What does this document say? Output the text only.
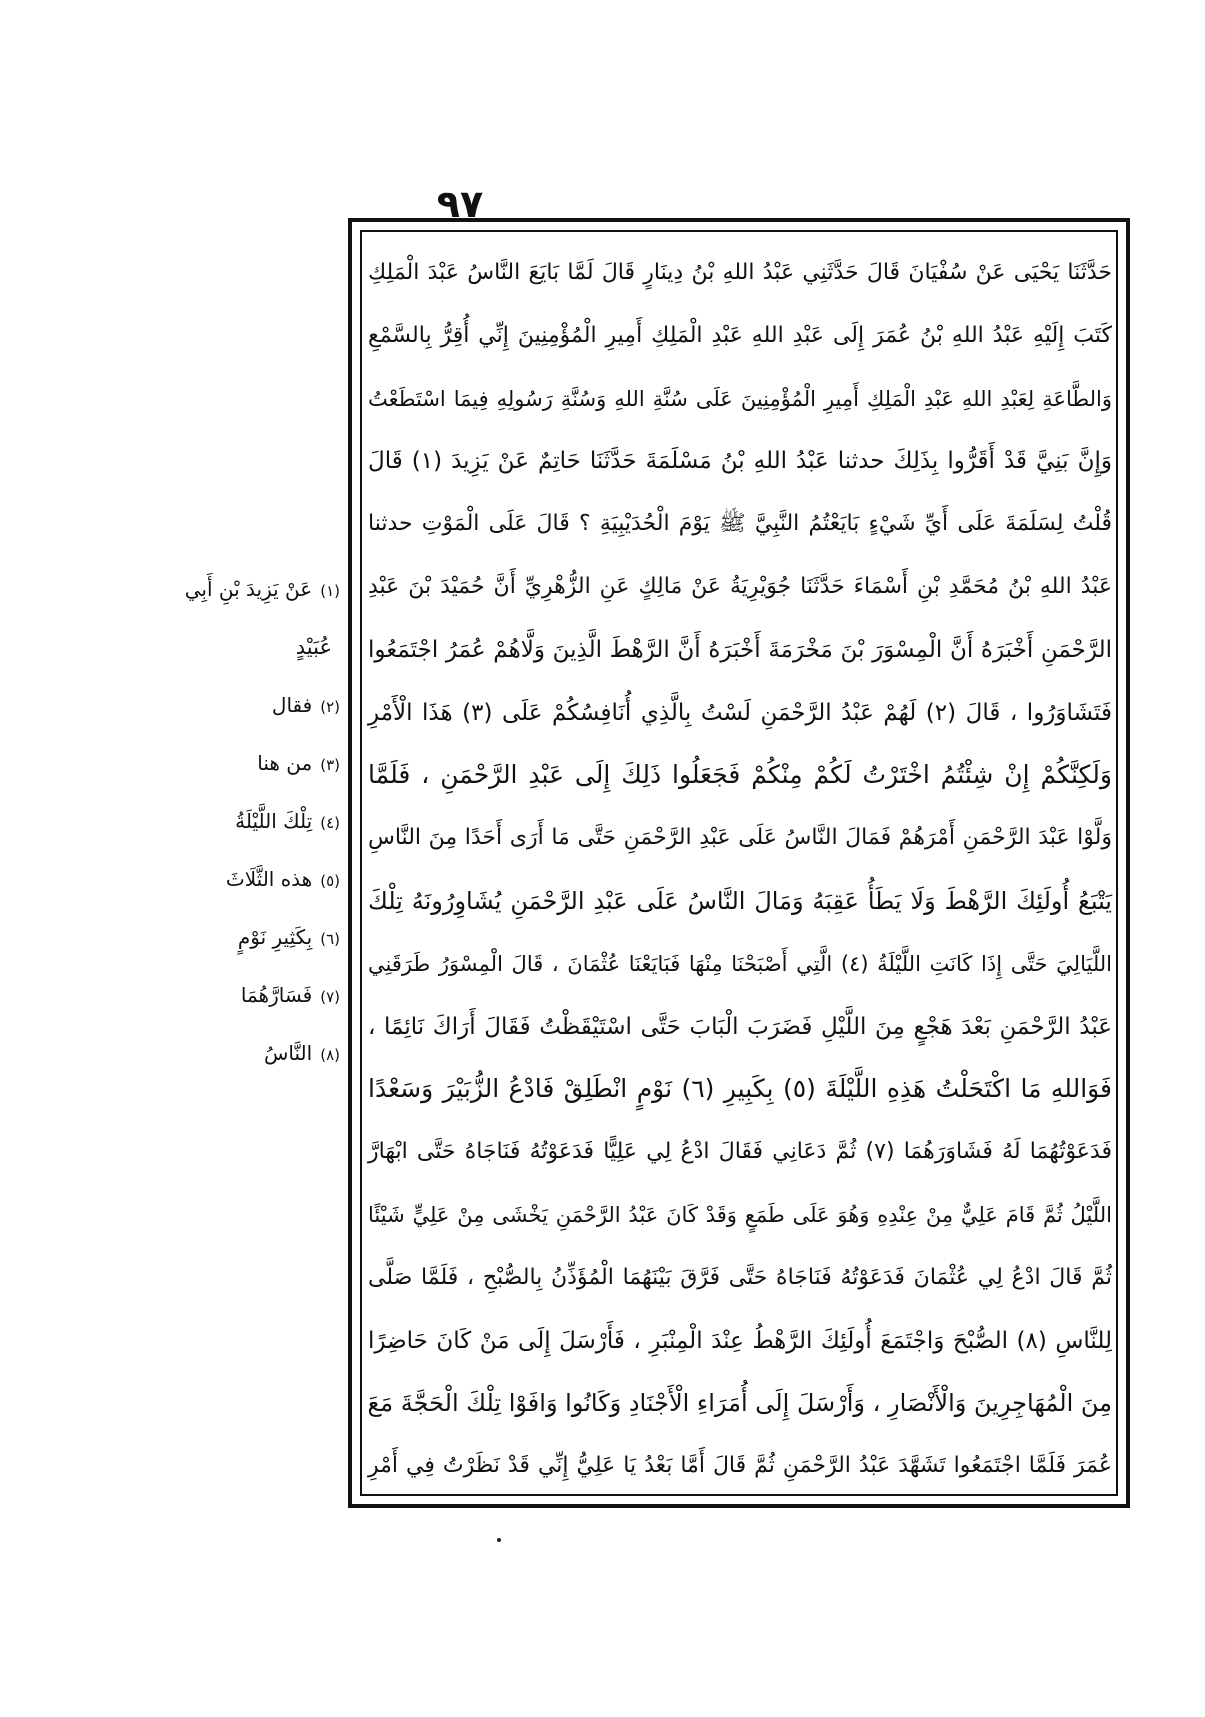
٩٧
حَدَّثَنَا يَحْيَى عَنْ سُفْيَانَ قَالَ حَدَّثَنِي عَبْدُ اللهِ بْنُ دِينَارٍ قَالَ لَمَّا بَايَعَ النَّاسُ عَبْدَ الْمَلِكِ
كَتَبَ إِلَيْهِ عَبْدُ اللهِ بْنُ عُمَرَ إِلَى عَبْدِ اللهِ عَبْدِ الْمَلِكِ أَمِيرِ الْمُؤْمِنِينَ إِنِّي أُقِرُّ بِالسَّمْعِ
وَالطَّاعَةِ لِعَبْدِ اللهِ عَبْدِ الْمَلِكِ أَمِيرِ الْمُؤْمِنِينَ عَلَى سُنَّةِ اللهِ وَسُنَّةِ رَسُولِهِ فِيمَا اسْتَطَعْتُ
وَإِنَّ بَنِيَّ قَدْ أَقَرُّوا بِذَلِكَ حدثنا عَبْدُ اللهِ بْنُ مَسْلَمَةَ حَدَّثَنَا حَاتِمٌ عَنْ يَزِيدَ (١) قَالَ
قُلْتُ لِسَلَمَةَ عَلَى أَيِّ شَيْءٍ بَايَعْتُمُ النَّبِيَّ ﷺ يَوْمَ الْحُدَيْبِيَةِ ؟ قَالَ عَلَى الْمَوْتِ حدثنا
عَبْدُ اللهِ بْنُ مُحَمَّدِ بْنِ أَسْمَاءَ حَدَّثَنَا جُوَيْرِيَةُ عَنْ مَالِكٍ عَنِ الزُّهْرِيِّ أَنَّ حُمَيْدَ بْنَ عَبْدِ
الرَّحْمَنِ أَخْبَرَهُ أَنَّ الْمِسْوَرَ بْنَ مَخْرَمَةَ أَخْبَرَهُ أَنَّ الرَّهْطَ الَّذِينَ وَلَّاهُمْ عُمَرُ اجْتَمَعُوا
فَتَشَاوَرُوا ، قَالَ (٢) لَهُمْ عَبْدُ الرَّحْمَنِ لَسْتُ بِالَّذِي أُنَافِسُكُمْ عَلَى (٣) هَذَا الْأَمْرِ
وَلَكِنَّكُمْ إِنْ شِئْتُمُ اخْتَرْتُ لَكُمْ مِنْكُمْ فَجَعَلُوا ذَلِكَ إِلَى عَبْدِ الرَّحْمَنِ ، فَلَمَّا
وَلَّوْا عَبْدَ الرَّحْمَنِ أَمْرَهُمْ فَمَالَ النَّاسُ عَلَى عَبْدِ الرَّحْمَنِ حَتَّى مَا أَرَى أَحَدًا مِنَ النَّاسِ
يَتْبَعُ أُولَئِكَ الرَّهْطَ وَلَا يَطَأُ عَقِبَهُ وَمَالَ النَّاسُ عَلَى عَبْدِ الرَّحْمَنِ يُشَاوِرُونَهُ تِلْكَ
اللَّيَالِيَ حَتَّى إِذَا كَانَتِ اللَّيْلَةُ (٤) الَّتِي أَصْبَحْنَا مِنْهَا فَبَايَعْنَا عُثْمَانَ ، قَالَ الْمِسْوَرُ طَرَقَنِي
عَبْدُ الرَّحْمَنِ بَعْدَ هَجْعٍ مِنَ اللَّيْلِ فَضَرَبَ الْبَابَ حَتَّى اسْتَيْقَظْتُ فَقَالَ أَرَاكَ نَائِمًا ،
فَوَاللهِ مَا اكْتَحَلْتُ هَذِهِ اللَّيْلَةَ (٥) بِكَبِيرِ (٦) نَوْمٍ انْطَلِقْ فَادْعُ الزُّبَيْرَ وَسَعْدًا
فَدَعَوْتُهُمَا لَهُ فَشَاوَرَهُمَا (٧) ثُمَّ دَعَانِي فَقَالَ ادْعُ لِي عَلِيًّا فَدَعَوْتُهُ فَنَاجَاهُ حَتَّى ابْهَارَّ
اللَّيْلُ ثُمَّ قَامَ عَلِيٌّ مِنْ عِنْدِهِ وَهُوَ عَلَى طَمَعٍ وَقَدْ كَانَ عَبْدُ الرَّحْمَنِ يَخْشَى مِنْ عَلِيٍّ شَيْئًا
ثُمَّ قَالَ ادْعُ لِي عُثْمَانَ فَدَعَوْتُهُ فَنَاجَاهُ حَتَّى فَرَّقَ بَيْنَهُمَا الْمُؤَذِّنُ بِالصُّبْحِ ، فَلَمَّا صَلَّى
لِلنَّاسِ (٨) الصُّبْحَ وَاجْتَمَعَ أُولَئِكَ الرَّهْطُ عِنْدَ الْمِنْبَرِ ، فَأَرْسَلَ إِلَى مَنْ كَانَ حَاضِرًا
مِنَ الْمُهَاجِرِينَ وَالْأَنْصَارِ ، وَأَرْسَلَ إِلَى أُمَرَاءِ الْأَجْنَادِ وَكَانُوا وَافَوْا تِلْكَ الْحَجَّةَ مَعَ
عُمَرَ فَلَمَّا اجْتَمَعُوا تَشَهَّدَ عَبْدُ الرَّحْمَنِ ثُمَّ قَالَ أَمَّا بَعْدُ يَا عَلِيُّ إِنِّي قَدْ نَظَرْتُ فِي أَمْرِ
(١)عَنْ يَزِيدَ بْنِ أَبِي
عُبَيْدٍ
(٢)فقال
(٣)من هنا
(٤)تِلْكَ اللَّيْلَةُ
(٥)هذه الثَّلَاثَ
(٦)بِكَثِيرِ نَوْمٍ
(٧)فَسَارَّهُمَا
(٨)النَّاسُ
